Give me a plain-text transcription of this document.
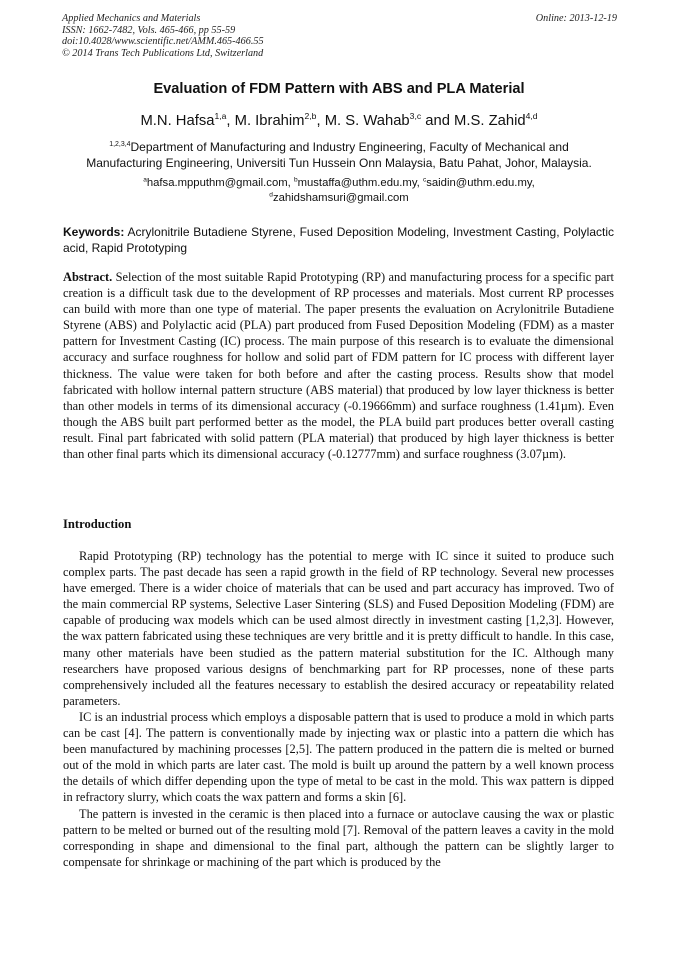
Applied Mechanics and Materials
ISSN: 1662-7482, Vols. 465-466, pp 55-59
doi:10.4028/www.scientific.net/AMM.465-466.55
© 2014 Trans Tech Publications Ltd, Switzerland
Online: 2013-12-19
Evaluation of FDM Pattern with ABS and PLA Material
M.N. Hafsa$^{1,a}$, M. Ibrahim$^{2,b}$, M. S. Wahab$^{3,c}$ and M.S. Zahid$^{4,d}$
$^{1,2,3,4}$Department of Manufacturing and Industry Engineering, Faculty of Mechanical and
Manufacturing Engineering, Universiti Tun Hussein Onn Malaysia, Batu Pahat, Johor, Malaysia.
$^a$hafsa.mpputhm@gmail.com, $^b$mustaffa@uthm.edu.my, $^c$saidin@uthm.edu.my,
$^d$zahidshamsuri@gmail.com
Keywords: Acrylonitrile Butadiene Styrene, Fused Deposition Modeling, Investment Casting, Polylactic acid, Rapid Prototyping
Abstract. Selection of the most suitable Rapid Prototyping (RP) and manufacturing process for a specific part creation is a difficult task due to the development of RP processes and materials. Most current RP processes can build with more than one type of material. The paper presents the evaluation on Acrylonitrile Butadiene Styrene (ABS) and Polylactic acid (PLA) part produced from Fused Deposition Modeling (FDM) as a master pattern for Investment Casting (IC) process. The main purpose of this research is to evaluate the dimensional accuracy and surface roughness for hollow and solid part of FDM pattern for IC process with different layer thickness. The value were taken for both before and after the casting process. Results show that model fabricated with hollow internal pattern structure (ABS material) that produced by low layer thickness is better than other models in terms of its dimensional accuracy (-0.19666mm) and surface roughness (1.41µm). Even though the ABS built part performed better as the model, the PLA build part produces better overall casting result. Final part fabricated with solid pattern (PLA material) that produced by high layer thickness is better than other final parts which its dimensional accuracy (-0.12777mm) and surface roughness (3.07µm).
Introduction

Rapid Prototyping (RP) technology has the potential to merge with IC since it suited to produce such complex parts. The past decade has seen a rapid growth in the field of RP technology. Several new processes have emerged. There is a wider choice of materials that can be used and part accuracy has improved. Two of the main commercial RP systems, Selective Laser Sintering (SLS) and Fused Deposition Modeling (FDM) are capable of producing wax models which can be used almost directly in investment casting [1,2,3]. However, the wax pattern fabricated using these techniques are very brittle and it is pretty difficult to handle. In this case, many other materials have been studied as the pattern material substitution for the IC. Although many researchers have proposed various designs of benchmarking part for RP processes, none of these parts comprehensively included all the features necessary to establish the desired accuracy or repeatability related parameters.

IC is an industrial process which employs a disposable pattern that is used to produce a mold in which parts can be cast [4]. The pattern is conventionally made by injecting wax or plastic into a pattern die which has been manufactured by machining processes [2,5]. The pattern produced in the pattern die is melted or burned out of the mold in which parts are later cast. The mold is built up around the pattern by a well known process the details of which differ depending upon the type of metal to be cast in the mold. This wax pattern is dipped in refractory slurry, which coats the wax pattern and forms a skin [6].

The pattern is invested in the ceramic is then placed into a furnace or autoclave causing the wax or plastic pattern to be melted or burned out of the resulting mold [7]. Removal of the pattern leaves a cavity in the mold corresponding in shape and dimensional to the final part, although the pattern can be slightly larger to compensate for shrinkage or machining of the part which is produced by the
